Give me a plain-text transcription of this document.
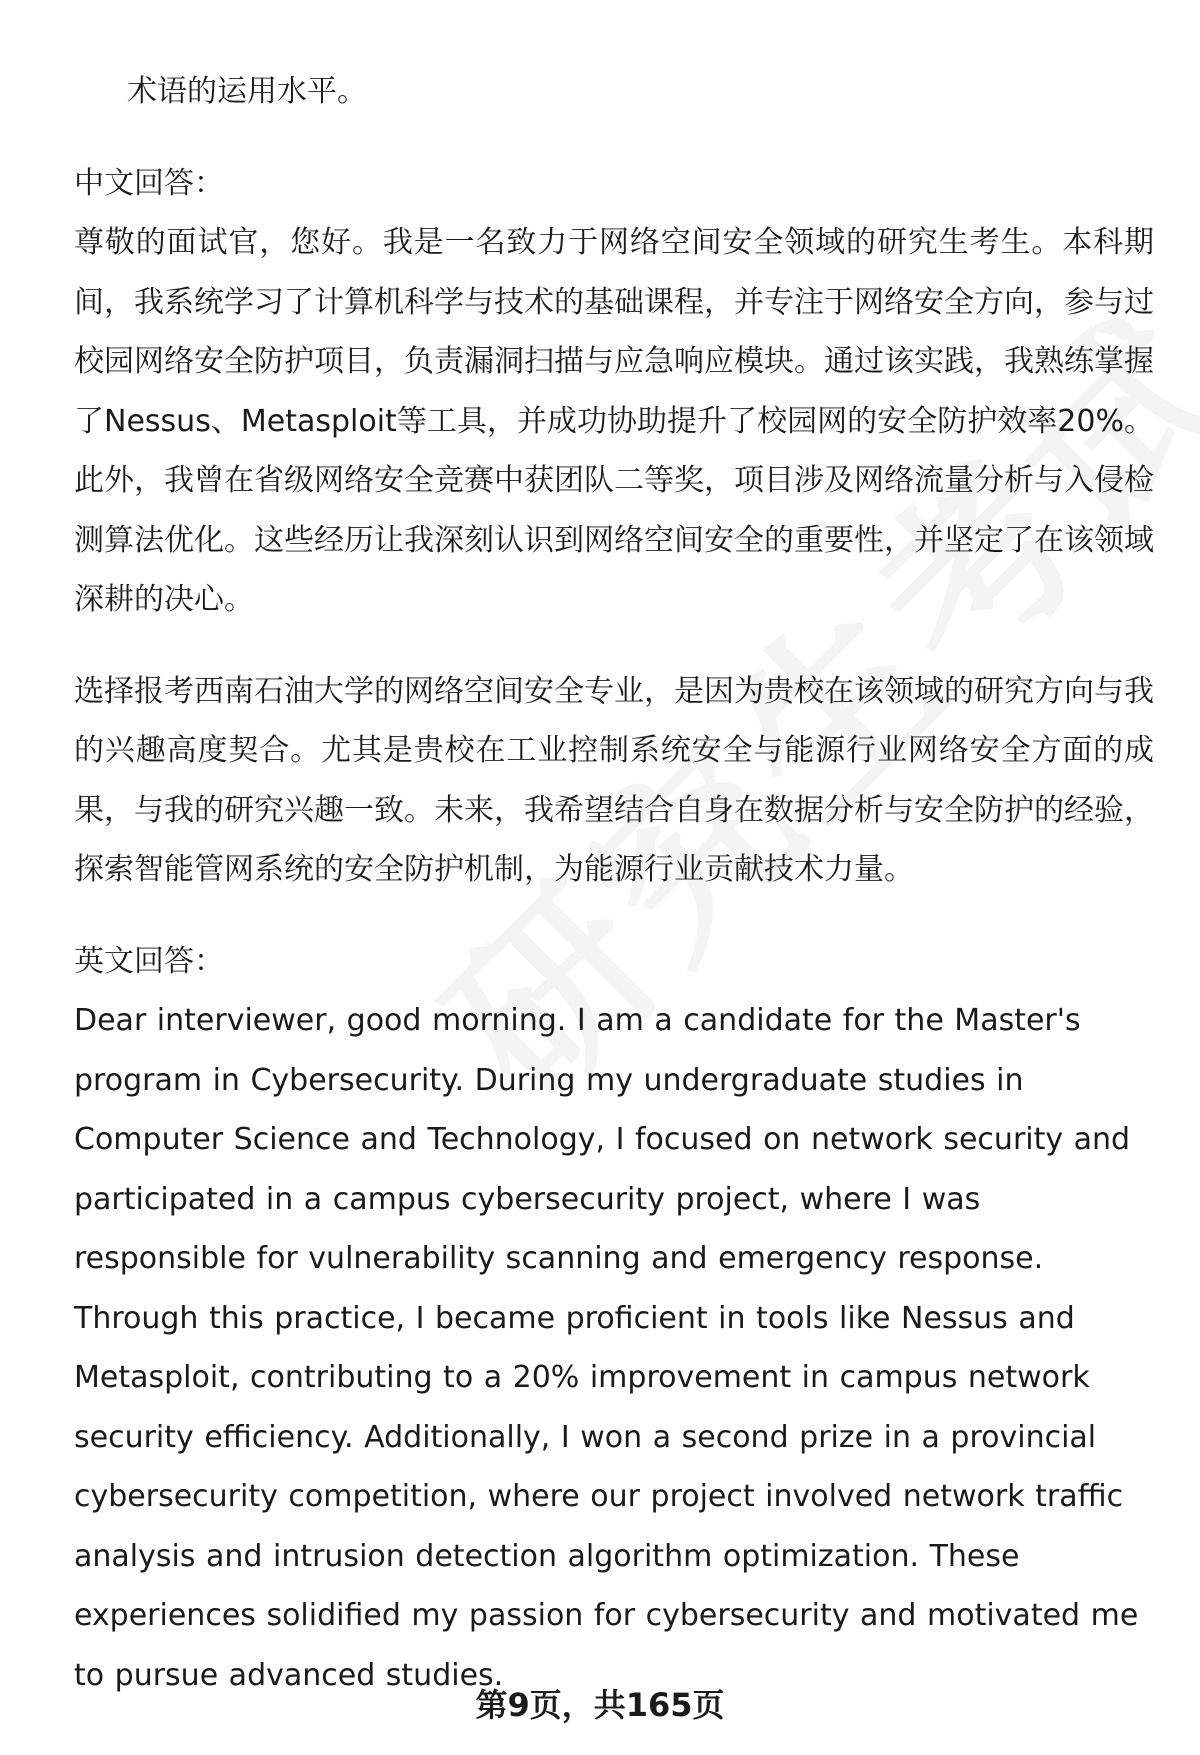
术语的运用水平。

中文回答：

尊敬的面试官，您好。我是一名致力于网络空间安全领域的研究生考生。本科期间，我系统学习了计算机科学与技术的基础课程，并专注于网络安全方向，参与过校园网络安全防护项目，负责漏洞扫描与应急响应模块。通过该实践，我熟练掌握了Nessus、Metasploit等工具，并成功协助提升了校园网的安全防护效率20%。此外，我曾在省级网络安全竞赛中获团队二等奖，项目涉及网络流量分析与入侵检测算法优化。这些经历让我深刻认识到网络空间安全的重要性，并坚定了在该领域深耕的决心。

选择报考西南石油大学的网络空间安全专业，是因为贵校在该领域的研究方向与我的兴趣高度契合。尤其是贵校在工业控制系统安全与能源行业网络安全方面的成果，与我的研究兴趣一致。未来，我希望结合自身在数据分析与安全防护的经验，探索智能管网系统的安全防护机制，为能源行业贡献技术力量。

英文回答：

Dear interviewer, good morning. I am a candidate for the Master's program in Cybersecurity. During my undergraduate studies in Computer Science and Technology, I focused on network security and participated in a campus cybersecurity project, where I was responsible for vulnerability scanning and emergency response. Through this practice, I became proficient in tools like Nessus and Metasploit, contributing to a 20% improvement in campus network security efficiency. Additionally, I won a second prize in a provincial cybersecurity competition, where our project involved network traffic analysis and intrusion detection algorithm optimization. These experiences solidified my passion for cybersecurity and motivated me to pursue advanced studies.

第9页，共165页
